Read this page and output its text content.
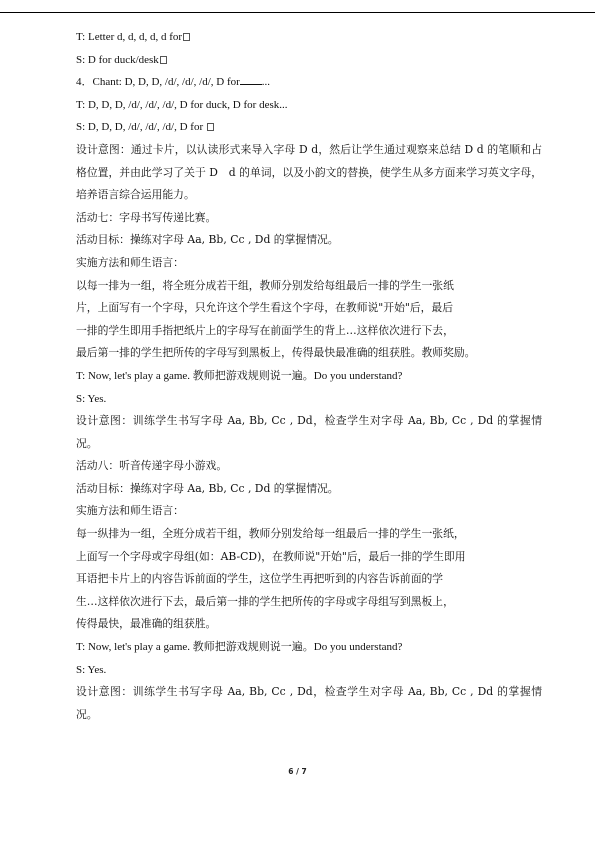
T: Letter d, d, d, d, d for

S: D for duck/desk

4．Chant: D, D, D, /d/, /d/, /d/, D for ...

T: D, D, D, /d/, /d/, /d/, D for duck, D for desk...

S: D, D, D, /d/, /d/, /d/, D for

设计意图：通过卡片，以认读形式来导入字母 D d，然后让学生通过观察来总结 D d 的笔顺和占格位置，并由此学习了关于 D　d 的单词，以及小韵文的替换，使学生从多方面来学习英文字母，培养语言综合运用能力。

活动七：字母书写传递比赛。

活动目标：操练对字母 Aa, Bb, Cc , Dd 的掌握情况。

实施方法和师生语言：

以每一排为一组，将全班分成若干组，教师分别发给每组最后一排的学生一张纸

片，上面写有一个字母，只允许这个学生看这个字母，在教师说"开始"后，最后

一排的学生即用手指把纸片上的字母写在前面学生的背上…这样依次进行下去，

最后第一排的学生把所传的字母写到黑板上，传得最快最准确的组获胜。教师奖励。

T: Now, let's play a game. 教师把游戏规则说一遍。Do you understand?

S: Yes.

设计意图：训练学生书写字母 Aa, Bb, Cc , Dd，检查学生对字母 Aa, Bb, Cc , Dd 的掌握情况。

活动八：听音传递字母小游戏。

活动目标：操练对字母 Aa, Bb, Cc , Dd 的掌握情况。

实施方法和师生语言：

每一纵排为一组，全班分成若干组，教师分别发给每一组最后一排的学生一张纸，

上面写一个字母或字母组(如：AB-CD)，在教师说"开始"后，最后一排的学生即用

耳语把卡片上的内容告诉前面的学生，这位学生再把听到的内容告诉前面的学

生…这样依次进行下去，最后第一排的学生把所传的字母或字母组写到黑板上，

传得最快，最准确的组获胜。

T: Now, let's play a game. 教师把游戏规则说一遍。Do you understand?

S: Yes.

设计意图：训练学生书写字母 Aa, Bb, Cc , Dd，检查学生对字母 Aa, Bb, Cc , Dd 的掌握情况。

6 / 7
